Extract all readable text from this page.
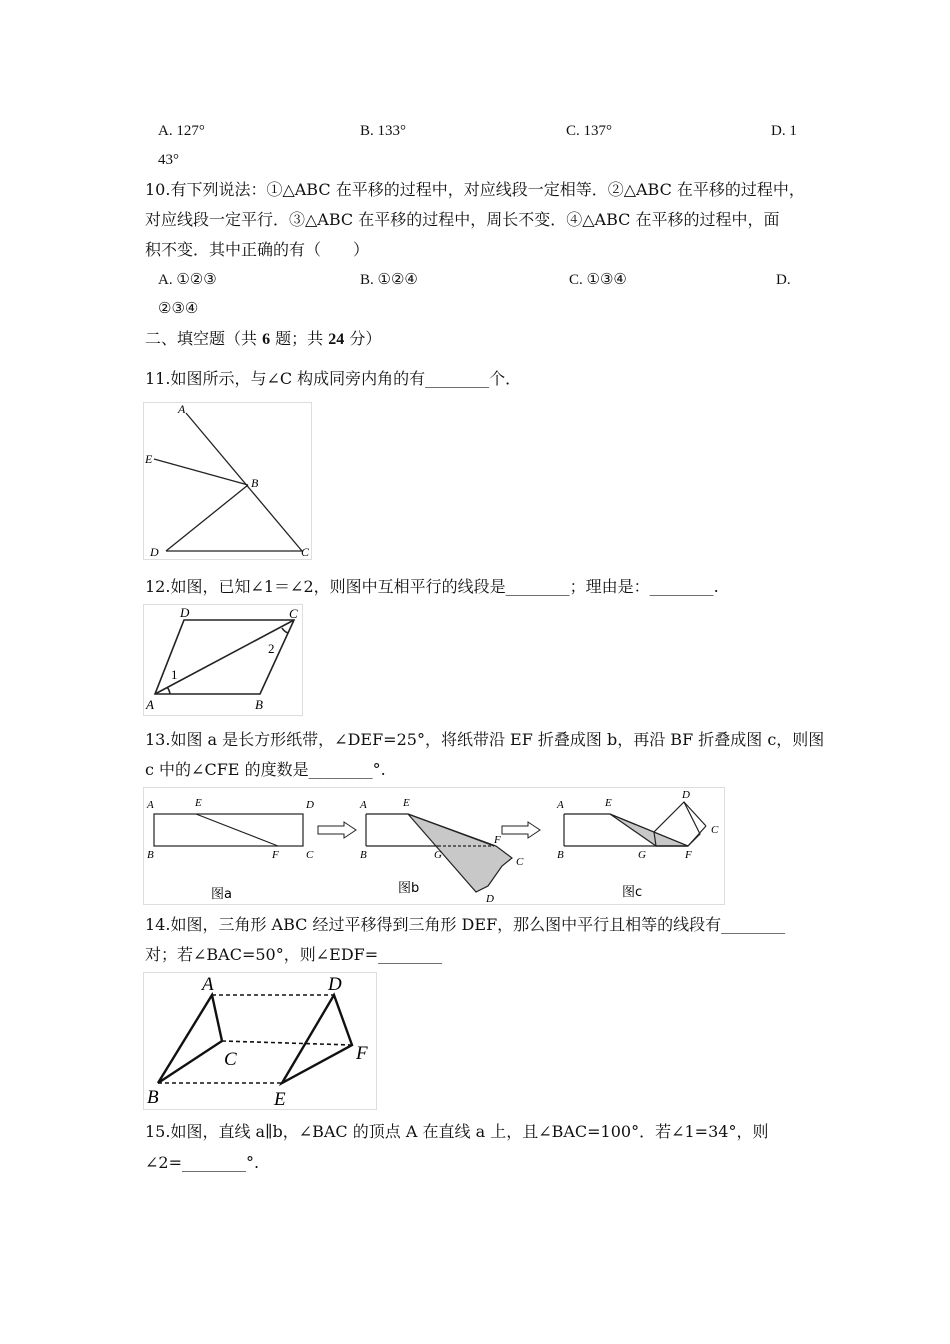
A. 127°	B. 133°	C. 137°	D. 1
43°
10.有下列说法：①△ABC 在平移的过程中，对应线段一定相等．②△ABC 在平移的过程中，
对应线段一定平行．③△ABC 在平移的过程中，周长不变．④△ABC 在平移的过程中，面
积不变．其中正确的有（　　）
A. ①②③	B. ①②④	C. ①③④	D.
②③④
二、填空题（共 6 题；共 24 分）
11.如图所示，与∠C 构成同旁内角的有________个．
A
E
B
D	C
12.如图，已知∠1＝∠2，则图中互相平行的线段是________；理由是：________.
D	C
A	B
1
2
13.如图 a 是长方形纸带，∠DEF=25°，将纸带沿 EF 折叠成图 b，再沿 BF 折叠成图 c，则图
c 中的∠CFE 的度数是________°.
A	E	D
B	F C
图a
A	E
B	G
F
C
D
图b
A	E
B	G	F
C
D
图c
14.如图，三角形 ABC 经过平移得到三角形 DEF，那么图中平行且相等的线段有________
对；若∠BAC=50°，则∠EDF=________
A	D
C	F
B	E
15.如图，直线 a∥b，∠BAC 的顶点 A 在直线 a 上，且∠BAC=100°．若∠1=34°，则
∠2=________°.
